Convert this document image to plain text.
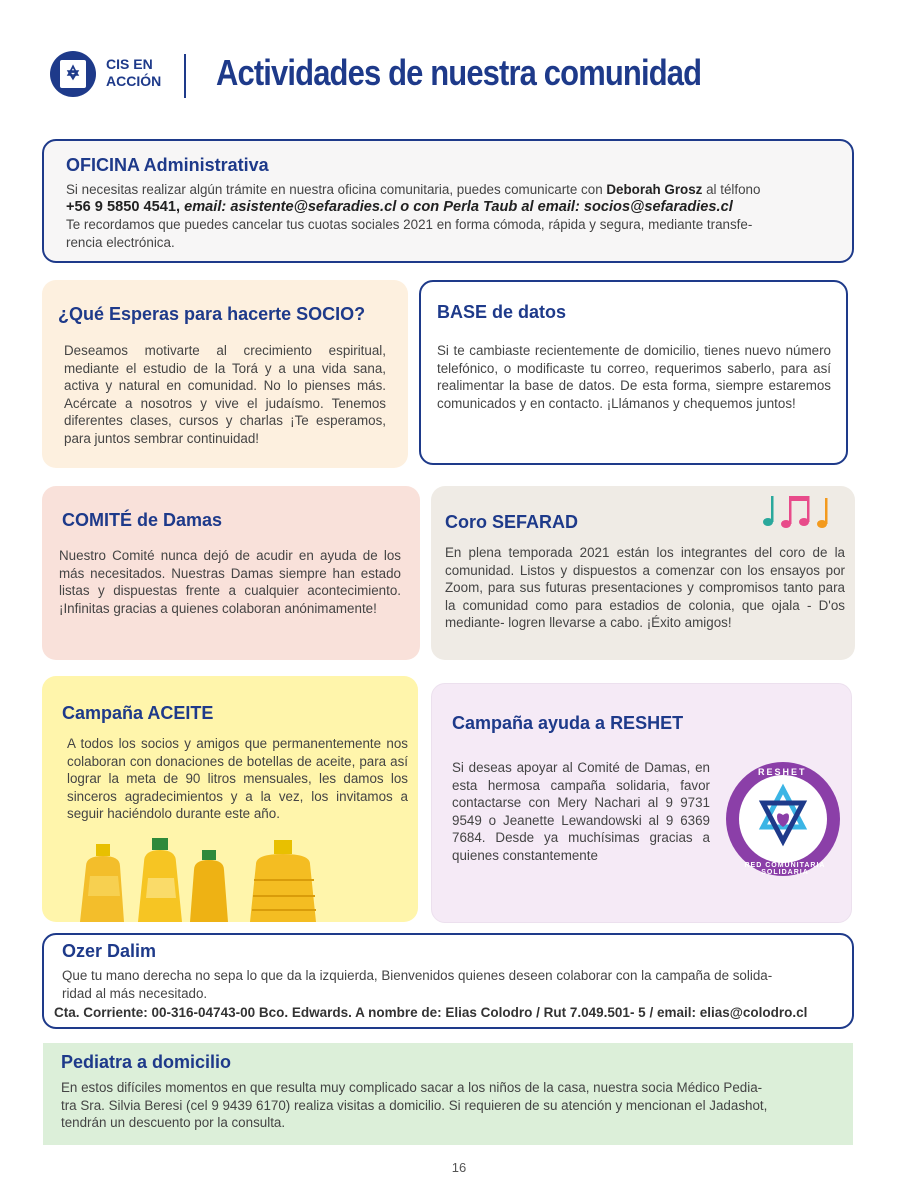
CIS EN
ACCIÓN Actividades de nuestra comunidad
OFICINA Administrativa
Si necesitas realizar algún trámite en nuestra oficina comunitaria, puedes comunicarte con Deborah Grosz al télfono
+56 9 5850 4541, email: asistente@sefaradies.cl o con Perla Taub al email: socios@sefaradies.cl
Te recordamos que puedes cancelar tus cuotas sociales 2021 en forma cómoda, rápida y segura, mediante transfe-
rencia electrónica.
¿Qué Esperas para hacerte SOCIO?
Deseamos motivarte al crecimiento espiritual, mediante el estudio de la Torá y a una vida sana, activa y natural en comunidad. No lo pienses más. Acércate a nosotros y vive el judaísmo. Tenemos diferentes clases, cursos y charlas ¡Te esperamos, para juntos sembrar continuidad!
BASE de datos
Si te cambiaste recientemente de domicilio, tienes nuevo número telefónico, o modificaste tu correo, requerimos saberlo, para así realimentar la base de datos. De esta forma, siempre estaremos comunicados y en contacto. ¡Llámanos y chequemos juntos!
COMITÉ de Damas
Nuestro Comité nunca dejó de acudir en ayuda de los más necesitados. Nuestras Damas siempre han estado listas y dispuestas frente a cualquier acontecimiento. ¡Infinitas gracias a quienes colaboran anónimamente!
Coro SEFARAD
En plena temporada 2021 están los integrantes del coro de la comunidad. Listos y dispuestos a comenzar con los ensayos por Zoom, para sus futuras presentaciones y compromisos tanto para la comunidad como para estadios de colonia, que ojala - D'os mediante- logren llevarse a cabo. ¡Éxito amigos!
Campaña ACEITE
A todos los socios y amigos que permanentemente nos colaboran con donaciones de botellas de aceite, para así lograr la meta de 90 litros mensuales, les damos los sinceros agradecimientos y a la vez, los invitamos a seguir haciéndolo durante este año.
Campaña ayuda a RESHET
Si deseas apoyar al Comité de Damas, en esta hermosa campaña solidaria, favor contactarse con Mery Nachari al 9 9731 9549 o Jeanette Lewandowski al 9 6369 7684. Desde ya muchísimas gracias a quienes constantemente
RESHET
RED COMUNITARIA SOLIDARIA
Ozer Dalim
Que tu mano derecha no sepa lo que da la izquierda, Bienvenidos quienes deseen colaborar con la campaña de solida-
ridad al más necesitado.
Cta. Corriente: 00-316-04743-00 Bco. Edwards. A nombre de: Elias Colodro / Rut 7.049.501- 5 / email: elias@colodro.cl
Pediatra a domicilio
En estos difíciles momentos en que resulta muy complicado sacar a los niños de la casa, nuestra socia Médico Pedia-
tra Sra. Silvia Beresi (cel 9 9439 6170) realiza visitas a domicilio. Si requieren de su atención y mencionan el Jadashot,
tendrán un descuento por la consulta.
16
